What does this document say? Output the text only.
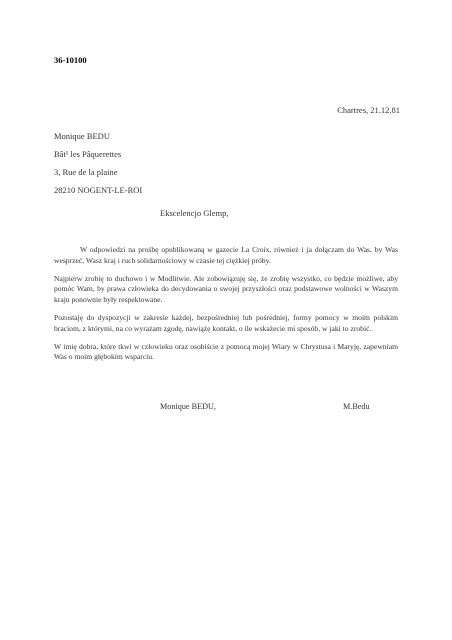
36-10100
Chartres, 21.12.81
Monique BEDU
Bât¹ les Pâquerettes
3, Rue de la plaine
28210 NOGENT-LE-ROI
Ekscelencjo Glemp,

W odpowiedzi na prośbę opublikowaną w gazecie La Croix, również i ja dołączam do Was, by Was wesprzeć, Wasz kraj i ruch solidarnościowy w czasie tej ciężkiej próby.

Najpierw zrobię to duchowo i w Modlitwie. Ale zobowiązuję się, że zrobię wszystko, co będzie możliwe, aby pomóc Wam, by prawa człowieka do decydowania o swojej przyszłości oraz podstawowe wolności w Waszym kraju ponownie były respektowane.

Pozostaję do dyspozycji w zakresie każdej, bezpośredniej lub pośredniej, formy pomocy w moim polskim braciom, z którymi, na co wyrażam zgodę, nawiążę kontakt, o ile wskażecie mi sposób, w jaki to zrobić.

W imię dobra, które tkwi w człowieku oraz osobiście z pomocą mojej Wiary w Chrystusa i Maryję, zapewniam Was o moim głębokim wsparciu.

Monique BEDU,	M.Bedu
